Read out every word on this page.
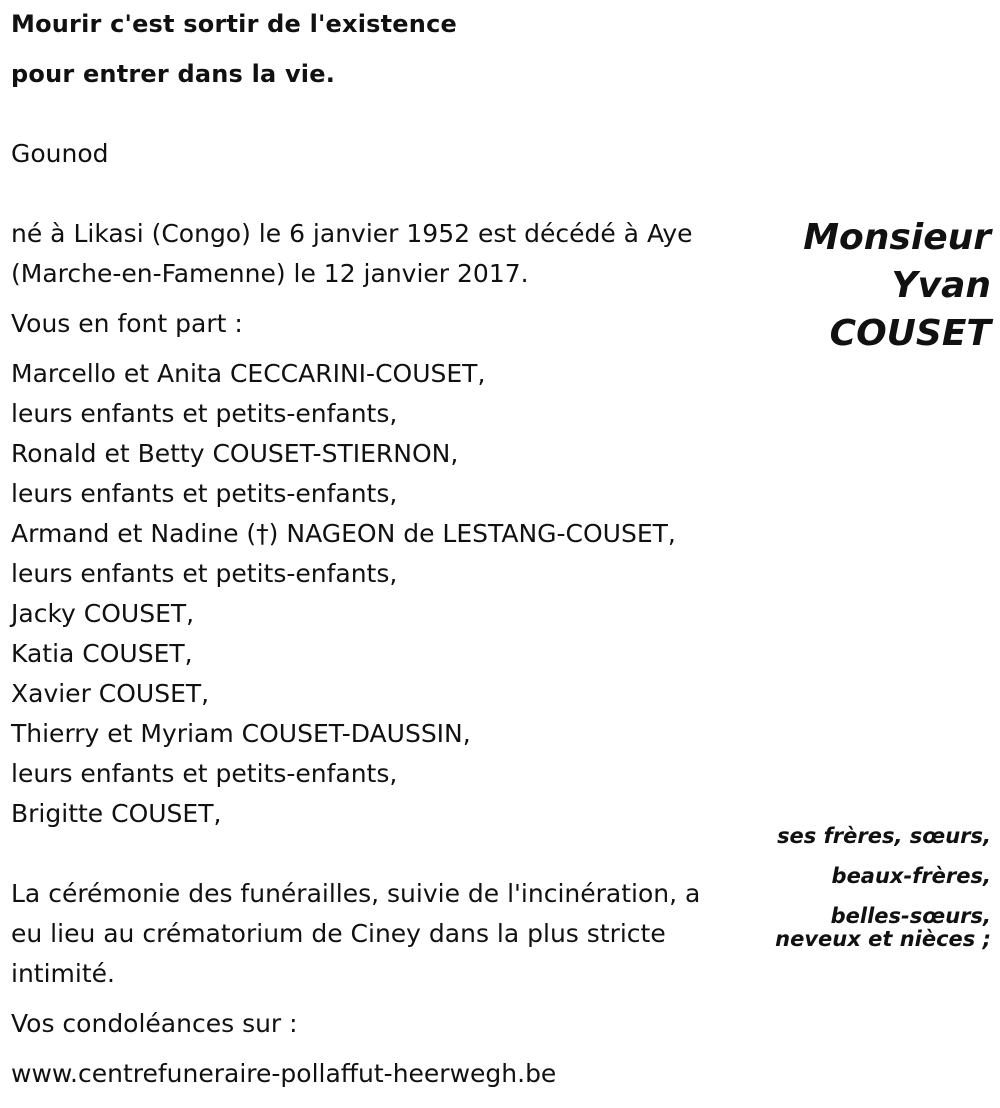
Mourir c'est sortir de l'existence
pour entrer dans la vie.
Gounod
Monsieur
Yvan
COUSET
né à Likasi (Congo) le 6 janvier 1952 est décédé à Aye
(Marche-en-Famenne) le 12 janvier 2017.
Vous en font part :
Marcello et Anita CECCARINI-COUSET,
leurs enfants et petits-enfants,
Ronald et Betty COUSET-STIERNON,
leurs enfants et petits-enfants,
Armand et Nadine (†) NAGEON de LESTANG-COUSET,
leurs enfants et petits-enfants,
Jacky COUSET,
Katia COUSET,
Xavier COUSET,
Thierry et Myriam COUSET-DAUSSIN,
leurs enfants et petits-enfants,
Brigitte COUSET,
ses frères, sœurs,
beaux-frères,
belles-sœurs,
neveux et nièces ;
La cérémonie des funérailles, suivie de l'incinération, a
eu lieu au crématorium de Ciney dans la plus stricte
intimité.
Vos condoléances sur :
www.centrefuneraire-pollaffut-heerwegh.be
